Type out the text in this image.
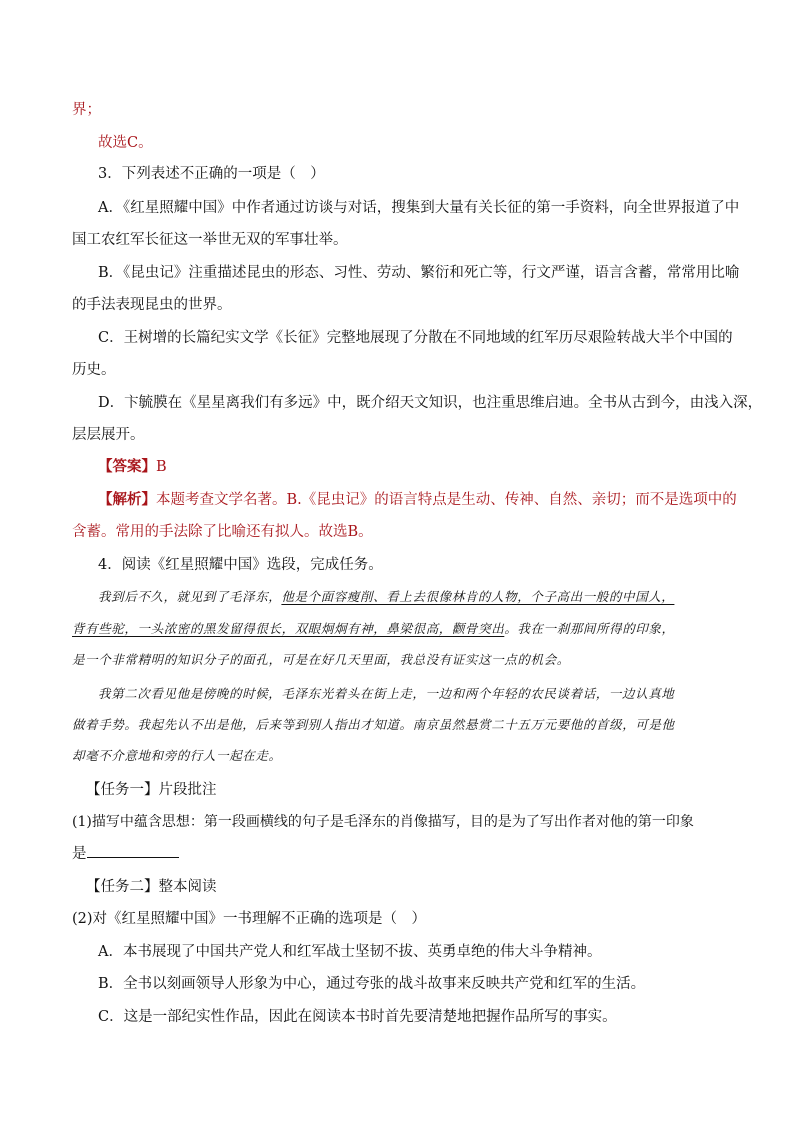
界；
故选C。
3．下列表述不正确的一项是（　）
A．《红星照耀中国》中作者通过访谈与对话，搜集到大量有关长征的第一手资料，向全世界报道了中
国工农红军长征这一举世无双的军事壮举。
B．《昆虫记》注重描述昆虫的形态、习性、劳动、繁衍和死亡等，行文严谨，语言含蓄，常常用比喻
的手法表现昆虫的世界。
C．王树增的长篇纪实文学《长征》完整地展现了分散在不同地域的红军历尽艰险转战大半个中国的
历史。
D．卞毓膜在《星星离我们有多远》中，既介绍天文知识，也注重思维启迪。全书从古到今，由浅入深，
层层展开。
【答案】B
【解析】本题考查文学名著。B.《昆虫记》的语言特点是生动、传神、自然、亲切；而不是选项中的
含蓄。常用的手法除了比喻还有拟人。故选B。
4．阅读《红星照耀中国》选段，完成任务。
我到后不久，就见到了毛泽东，他是个面容瘦削、看上去很像林肯的人物，个子高出一般的中国人，
背有些驼，一头浓密的黑发留得很长，双眼炯炯有神，鼻梁很高，颧骨突出。我在一刹那间所得的印象，
是一个非常精明的知识分子的面孔，可是在好几天里面，我总没有证实这一点的机会。
我第二次看见他是傍晚的时候，毛泽东光着头在街上走，一边和两个年轻的农民谈着话，一边认真地
做着手势。我起先认不出是他，后来等到别人指出才知道。南京虽然悬赏二十五万元要他的首级，可是他
却毫不介意地和旁的行人一起在走。
【任务一】片段批注
(1)描写中蕴含思想：第一段画横线的句子是毛泽东的肖像描写，目的是为了写出作者对他的第一印象
是
【任务二】整本阅读
(2)对《红星照耀中国》一书理解不正确的选项是（　）
A．本书展现了中国共产党人和红军战士坚韧不拔、英勇卓绝的伟大斗争精神。
B．全书以刻画领导人形象为中心，通过夸张的战斗故事来反映共产党和红军的生活。
C．这是一部纪实性作品，因此在阅读本书时首先要清楚地把握作品所写的事实。
